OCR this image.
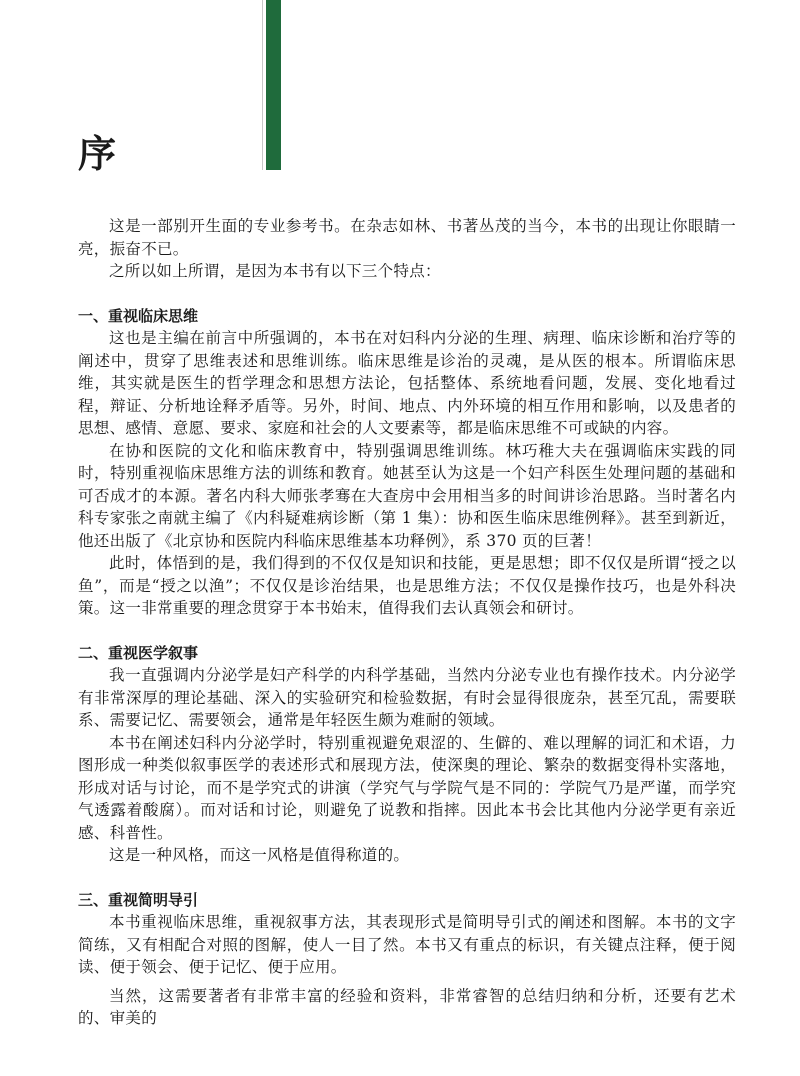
序

这是一部别开生面的专业参考书。在杂志如林、书著丛茂的当今，本书的出现让你眼睛一亮，振奋不已。

之所以如上所谓，是因为本书有以下三个特点：

一、重视临床思维

这也是主编在前言中所强调的，本书在对妇科内分泌的生理、病理、临床诊断和治疗等的阐述中，贯穿了思维表述和思维训练。临床思维是诊治的灵魂，是从医的根本。所谓临床思维，其实就是医生的哲学理念和思想方法论，包括整体、系统地看问题，发展、变化地看过程，辩证、分析地诠释矛盾等。另外，时间、地点、内外环境的相互作用和影响，以及患者的思想、感情、意愿、要求、家庭和社会的人文要素等，都是临床思维不可或缺的内容。

在协和医院的文化和临床教育中，特别强调思维训练。林巧稚大夫在强调临床实践的同时，特别重视临床思维方法的训练和教育。她甚至认为这是一个妇产科医生处理问题的基础和可否成才的本源。著名内科大师张孝骞在大查房中会用相当多的时间讲诊治思路。当时著名内科专家张之南就主编了《内科疑难病诊断（第 1 集）：协和医生临床思维例释》。甚至到新近，他还出版了《北京协和医院内科临床思维基本功释例》，系 370 页的巨著！

此时，体悟到的是，我们得到的不仅仅是知识和技能，更是思想；即不仅仅是所谓“授之以鱼”，而是“授之以渔”；不仅仅是诊治结果，也是思维方法；不仅仅是操作技巧，也是外科决策。这一非常重要的理念贯穿于本书始末，值得我们去认真领会和研讨。

二、重视医学叙事

我一直强调内分泌学是妇产科学的内科学基础，当然内分泌专业也有操作技术。内分泌学有非常深厚的理论基础、深入的实验研究和检验数据，有时会显得很庞杂，甚至冗乱，需要联系、需要记忆、需要领会，通常是年轻医生颇为难耐的领域。

本书在阐述妇科内分泌学时，特别重视避免艰涩的、生僻的、难以理解的词汇和术语，力图形成一种类似叙事医学的表述形式和展现方法，使深奥的理论、繁杂的数据变得朴实落地，形成对话与讨论，而不是学究式的讲演（学究气与学院气是不同的：学院气乃是严谨，而学究气透露着酸腐）。而对话和讨论，则避免了说教和指摔。因此本书会比其他内分泌学更有亲近感、科普性。

这是一种风格，而这一风格是值得称道的。

三、重视简明导引

本书重视临床思维，重视叙事方法，其表现形式是简明导引式的阐述和图解。本书的文字简练，又有相配合对照的图解，使人一目了然。本书又有重点的标识，有关键点注释，便于阅读、便于领会、便于记忆、便于应用。

当然，这需要著者有非常丰富的经验和资料，非常睿智的总结归纳和分析，还要有艺术的、审美的
